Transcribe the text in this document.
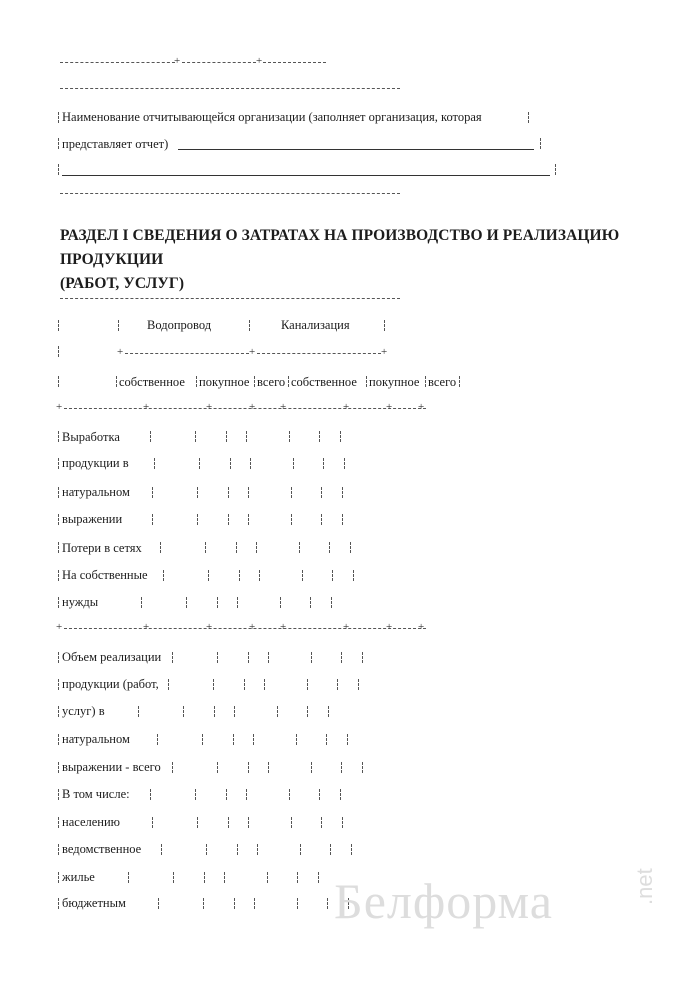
+	+
Наименование отчитывающейся организации (заполняет организация, которая
представляет отчет)
РАЗДЕЛ I СВЕДЕНИЯ О ЗАТРАТАХ НА ПРОИЗВОДСТВО И РЕАЛИЗАЦИЮ ПРОДУКЦИИ
(РАБОТ, УСЛУГ)
Водопровод	Канализация
+	+	+
собственное покупное всего собственное покупное всего
+	+	+	+ +	+	+ +
Выработка
продукции в
натуральном
выражении
Потери в сетях
На собственные
нужды
+	+	+	+ +	+	+ +
Объем реализации
продукции (работ,
услуг) в
натуральном
выражении - всего
В том числе:
населению
ведомственное
жилье
бюджетным	Белформа	.net
